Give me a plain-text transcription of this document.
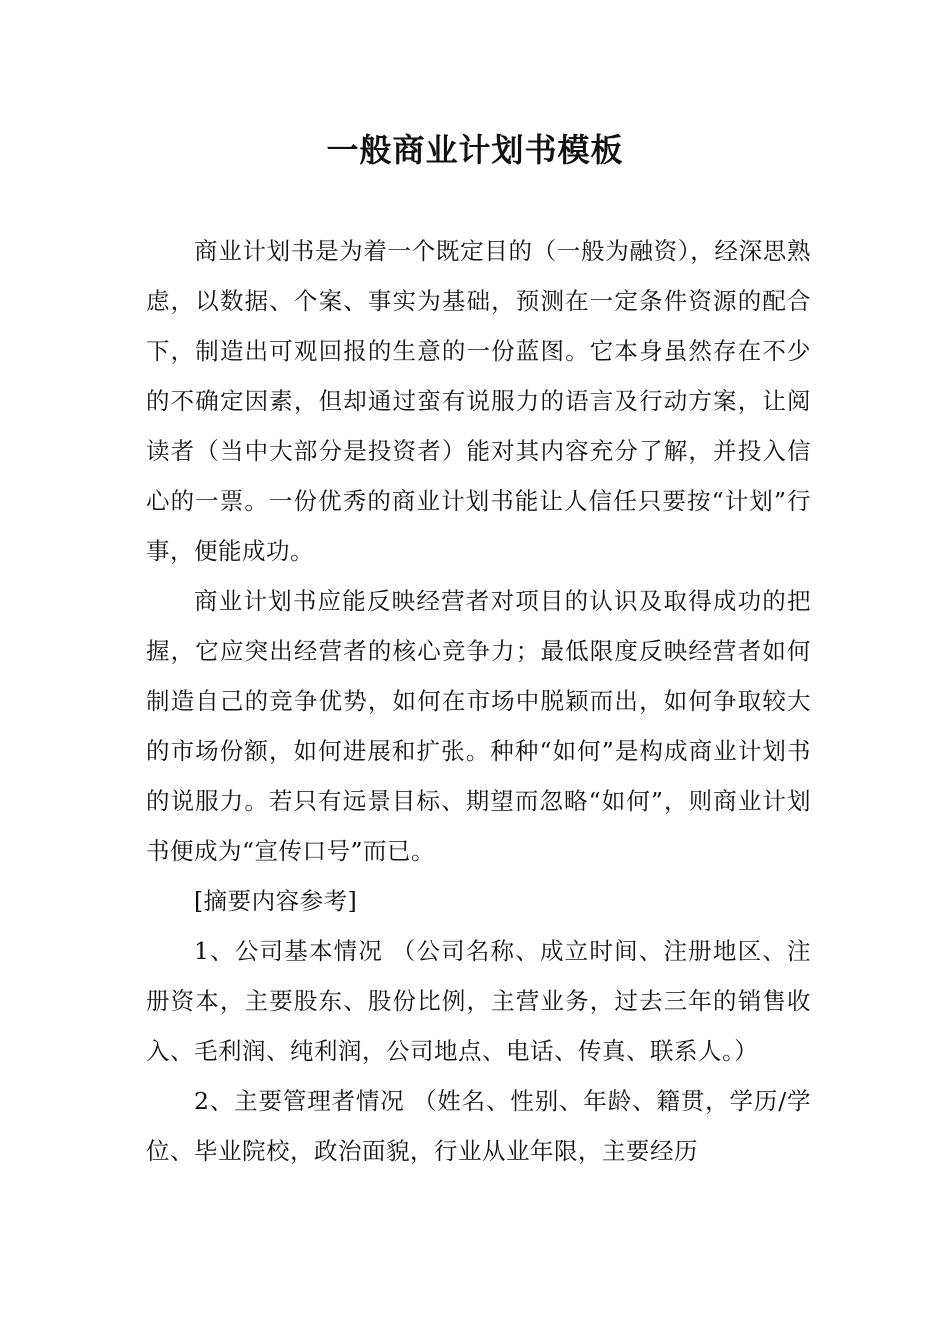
一般商业计划书模板

商业计划书是为着一个既定目的（一般为融资），经深思熟虑，以数据、个案、事实为基础，预测在一定条件资源的配合下，制造出可观回报的生意的一份蓝图。它本身虽然存在不少的不确定因素，但却通过蛮有说服力的语言及行动方案，让阅读者（当中大部分是投资者）能对其内容充分了解，并投入信心的一票。一份优秀的商业计划书能让人信任只要按“计划”行事，便能成功。

商业计划书应能反映经营者对项目的认识及取得成功的把握，它应突出经营者的核心竞争力；最低限度反映经营者如何制造自己的竞争优势，如何在市场中脱颖而出，如何争取较大的市场份额，如何进展和扩张。种种“如何”是构成商业计划书的说服力。若只有远景目标、期望而忽略“如何”，则商业计划书便成为“宣传口号”而已。

[摘要内容参考]

1、公司基本情况 （公司名称、成立时间、注册地区、注册资本，主要股东、股份比例，主营业务，过去三年的销售收入、毛利润、纯利润，公司地点、电话、传真、联系人。）

2、主要管理者情况 （姓名、性别、年龄、籍贯，学历/学位、毕业院校，政治面貌，行业从业年限，主要经历
